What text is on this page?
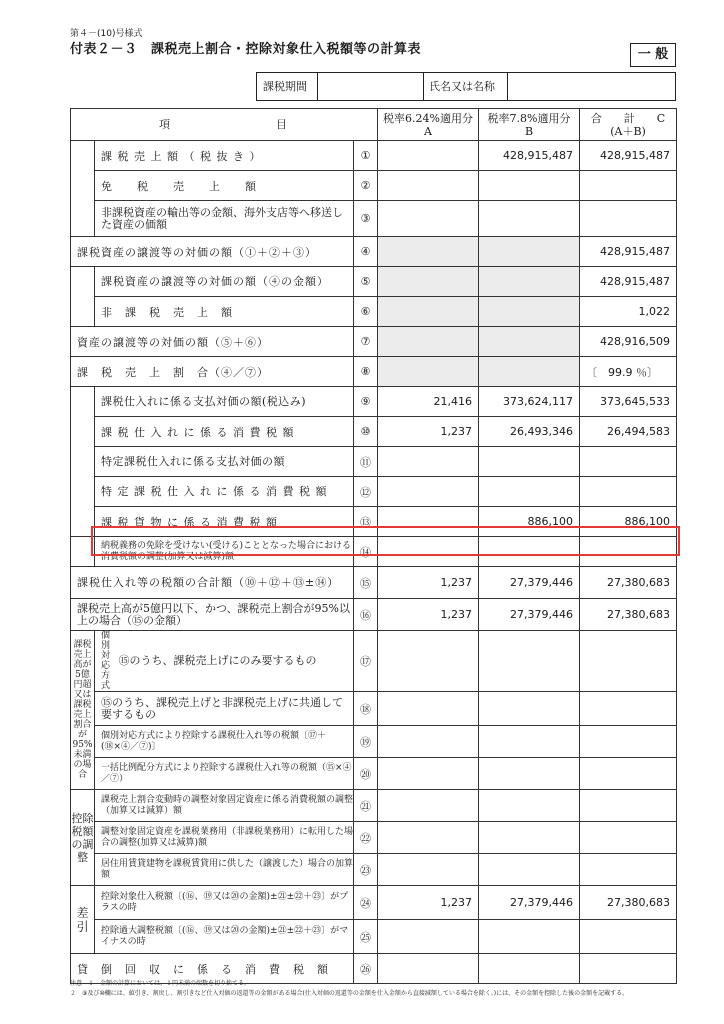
第４－(10)号様式
付表２－３　課税売上割合・控除対象仕入税額等の計算表	一 般
課税期間	氏名又は名称
項　　　　　　　　目			税率6.24%適用分
A	税率7.8%適用分
B	合　　計　　C
(A＋B)
	課 税 売 上 額 （ 税 抜 き ）	①		428,915,487	428,915,487
	免　　税　　売　　上　　額	②			
	非課税資産の輸出等の金額、海外支店等へ移送した資産の価額	③			
課税資産の譲渡等の対価の額（①＋②＋③）		④			428,915,487
	課税資産の譲渡等の対価の額（④の金額）	⑤			428,915,487
	非　課　税　売　上　額	⑥			1,022
資産の譲渡等の対価の額（⑤＋⑥）		⑦			428,916,509
課　税　売　上　割　合（④／⑦）		⑧			〔　99.9 ％〕
	課税仕入れに係る支払対価の額(税込み)	⑨	21,416	373,624,117	373,645,533
	課 税 仕 入 れ に 係 る 消 費 税 額	⑩	1,237	26,493,346	26,494,583
	特定課税仕入れに係る支払対価の額	⑪			
	特 定 課 税 仕 入 れ に 係 る 消 費 税 額	⑫			
	課 税 貨 物 に 係 る 消 費 税 額	⑬		886,100	886,100
	納税義務の免除を受けない(受ける)こととなった場合における消費税額の調整(加算又は減算)額	⑭			
課税仕入れ等の税額の合計額（⑩＋⑫＋⑬±⑭）		⑮	1,237	27,379,446	27,380,683
課税売上高が5億円以下、かつ、課税売上割合が95%以上の場合（⑮の金額）		⑯	1,237	27,379,446	27,380,683
課税売上高が5億円超又は課税売上割合が95%未満の場合	個別対応方式 ⑮のうち、課税売上げにのみ要するもの	⑰			
	⑮のうち、課税売上げと非課税売上げに共通して要するもの	⑱			
	個別対応方式により控除する課税仕入れ等の税額〔⑰＋(⑱×④／⑦)〕	⑲			
	一括比例配分方式により控除する課税仕入れ等の税額（⑮×④／⑦）	⑳			
控除税額の調整	課税売上割合変動時の調整対象固定資産に係る消費税額の調整（加算又は減算）額	㉑			
	調整対象固定資産を課税業務用（非課税業務用）に転用した場合の調整(加算又は減算)額	㉒			
	居住用賃貸建物を課税賃貸用に供した（譲渡した）場合の加算額	㉓			
差　引	控除対象仕入税額〔(⑯、⑲又は⑳の金額)±㉑±㉒＋㉓〕がプラスの時	㉔	1,237	27,379,446	27,380,683
	控除過大調整税額〔(⑯、⑲又は⑳の金額)±㉑±㉒＋㉓〕がマイナスの時	㉕			
貸　倒　回　収　に　係　る　消　費　税　額		㉖			
注意　１　金額の計算においては、１円未満の端数を切り捨てる。
２　⑨及び⑩欄には、値引き、割戻し、割引きなど仕入対価の返還等の金額がある場合(仕入対価の返還等の金額を仕入金額から直接減額している場合を除く。)には、その金額を控除した後の金額を記載する。
